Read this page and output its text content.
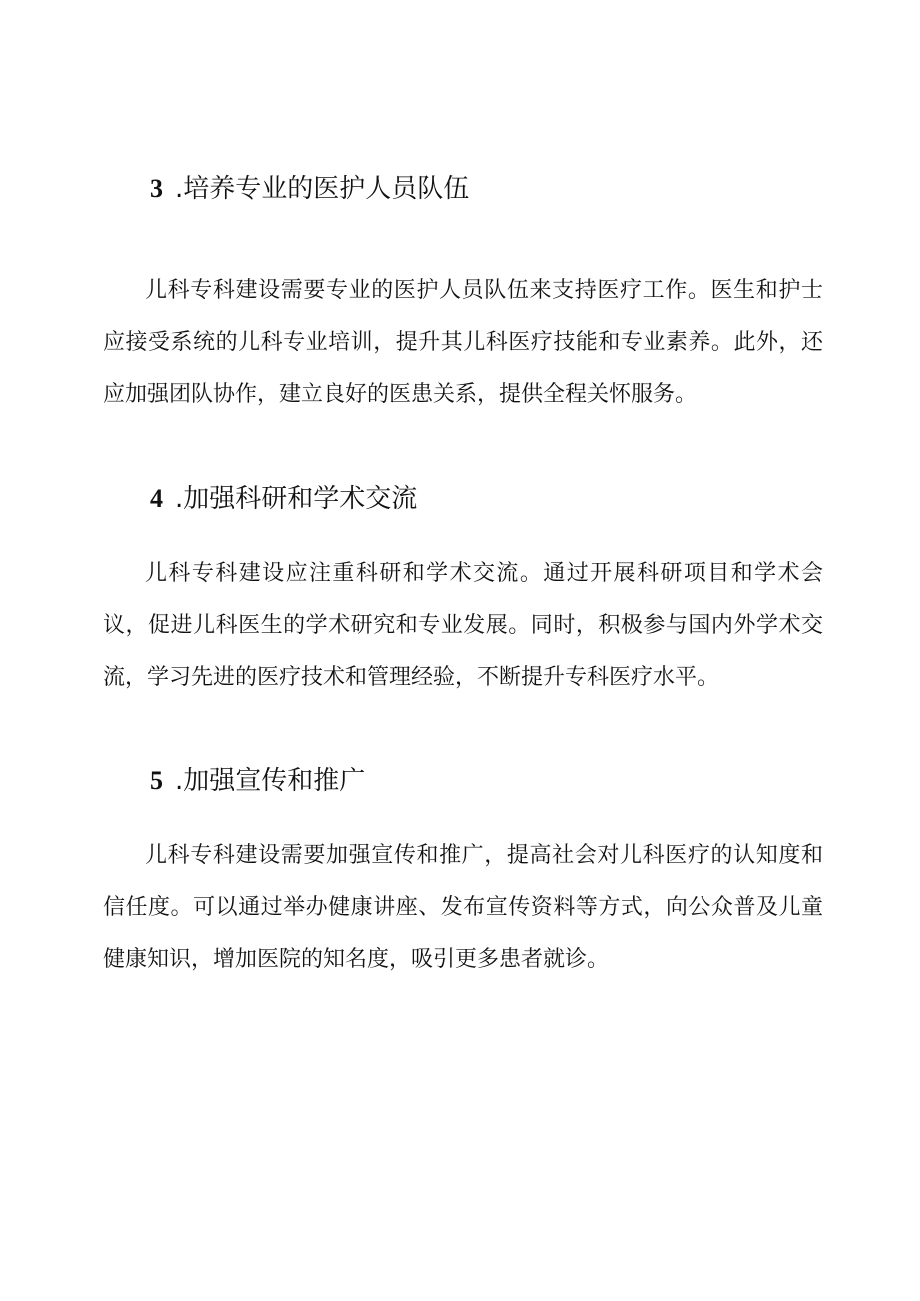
3 .培养专业的医护人员队伍

儿科专科建设需要专业的医护人员队伍来支持医疗工作。医生和护士应接受系统的儿科专业培训，提升其儿科医疗技能和专业素养。此外，还应加强团队协作，建立良好的医患关系，提供全程关怀服务。

4 .加强科研和学术交流

儿科专科建设应注重科研和学术交流。通过开展科研项目和学术会议，促进儿科医生的学术研究和专业发展。同时，积极参与国内外学术交流，学习先进的医疗技术和管理经验，不断提升专科医疗水平。

5 .加强宣传和推广

儿科专科建设需要加强宣传和推广，提高社会对儿科医疗的认知度和信任度。可以通过举办健康讲座、发布宣传资料等方式，向公众普及儿童健康知识，增加医院的知名度，吸引更多患者就诊。
